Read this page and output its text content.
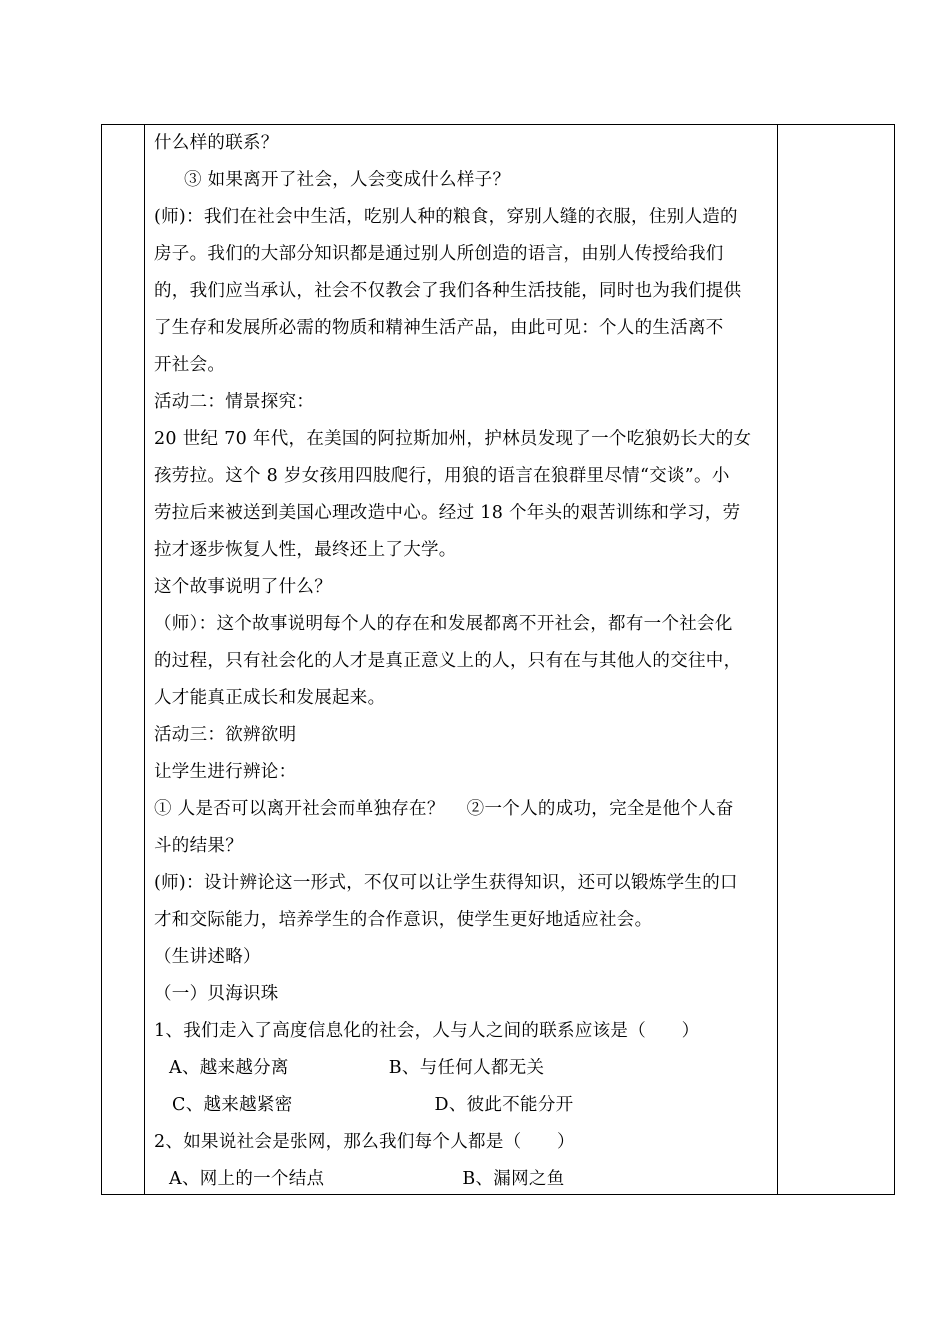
什么样的联系？
③ 如果离开了社会，人会变成什么样子？
(师)：我们在社会中生活，吃别人种的粮食，穿别人缝的衣服，住别人造的
房子。我们的大部分知识都是通过别人所创造的语言，由别人传授给我们
的，我们应当承认，社会不仅教会了我们各种生活技能，同时也为我们提供
了生存和发展所必需的物质和精神生活产品，由此可见：个人的生活离不
开社会。
活动二：情景探究：
20 世纪 70 年代，在美国的阿拉斯加州，护林员发现了一个吃狼奶长大的女
孩劳拉。这个 8 岁女孩用四肢爬行，用狼的语言在狼群里尽情“交谈”。小
劳拉后来被送到美国心理改造中心。经过 18 个年头的艰苦训练和学习，劳
拉才逐步恢复人性，最终还上了大学。
这个故事说明了什么？
（师）：这个故事说明每个人的存在和发展都离不开社会，都有一个社会化
的过程，只有社会化的人才是真正意义上的人，只有在与其他人的交往中，
人才能真正成长和发展起来。
活动三：欲辨欲明
让学生进行辨论：
① 人是否可以离开社会而单独存在？ ②一个人的成功，完全是他个人奋
斗的结果？
(师)：设计辨论这一形式，不仅可以让学生获得知识，还可以锻炼学生的口
才和交际能力，培养学生的合作意识，使学生更好地适应社会。
（生讲述略）
（一）贝海识珠
1、我们走入了高度信息化的社会，人与人之间的联系应该是（　　）
A、越来越分离	B、与任何人都无关
C、越来越紧密	D、彼此不能分开
2、如果说社会是张网，那么我们每个人都是（　　）
A、网上的一个结点	B、漏网之鱼
